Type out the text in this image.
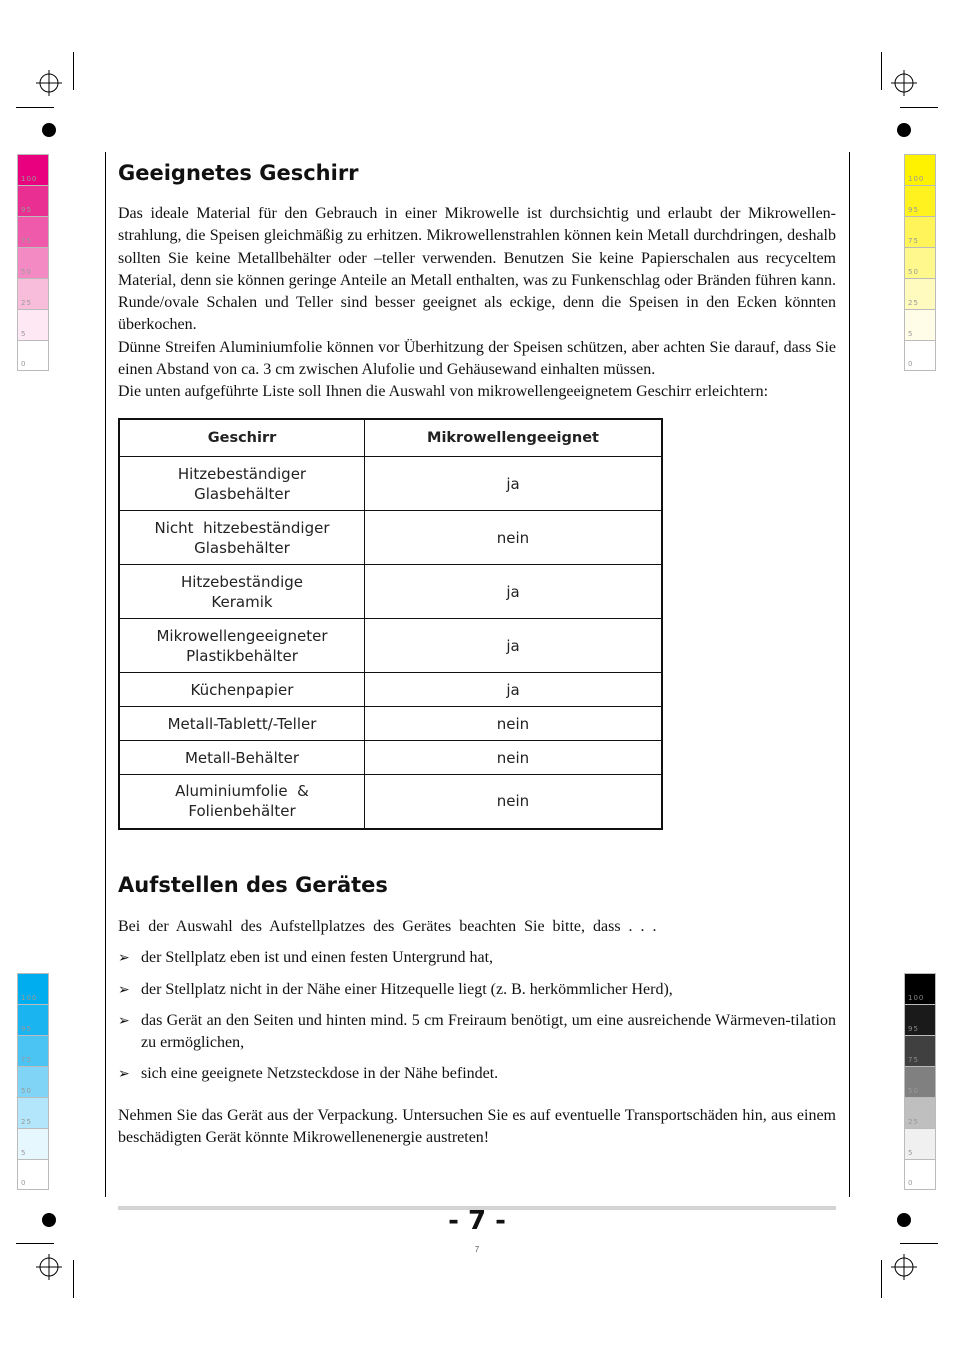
100
95
75
50
25
5
0
100
95
75
50
25
5
0
100
95
75
50
25
5
0
100
95
75
50
25
5
0
Geeignetes Geschirr

Das ideale Material für den Gebrauch in einer Mikrowelle ist durchsichtig und erlaubt der Mikrowellen-strahlung, die Speisen gleichmäßig zu erhitzen. Mikrowellenstrahlen können kein Metall durchdringen, deshalb sollten Sie keine Metallbehälter oder –teller verwenden. Benutzen Sie keine Papierschalen aus recyceltem Material, denn sie können geringe Anteile an Metall enthalten, was zu Funkenschlag oder Bränden führen kann. Runde/ovale Schalen und Teller sind besser geeignet als eckige, denn die Speisen in den Ecken könnten überkochen.

Dünne Streifen Aluminiumfolie können vor Überhitzung der Speisen schützen, aber achten Sie darauf, dass Sie einen Abstand von ca. 3 cm zwischen Alufolie und Gehäusewand einhalten müssen.

Die unten aufgeführte Liste soll Ihnen die Auswahl von mikrowellengeeignetem Geschirr erleichtern:

Geschirr	Mikrowellengeeignet
Hitzebeständiger
Glasbehälter	ja
Nicht  hitzebeständiger
Glasbehälter	nein
Hitzebeständige
Keramik	ja
Mikrowellengeeigneter
Plastikbehälter	ja
Küchenpapier	ja
Metall-Tablett/-Teller	nein
Metall-Behälter	nein
Aluminiumfolie  &
Folienbehälter	nein
Aufstellen des Gerätes

Bei  der  Auswahl  des  Aufstellplatzes  des  Gerätes  beachten  Sie  bitte,  dass  .  .  .

➢ der Stellplatz eben ist und einen festen Untergrund hat,
➢ der Stellplatz nicht in der Nähe einer Hitzequelle liegt (z. B. herkömmlicher Herd),
➢ das Gerät an den Seiten und hinten mind. 5 cm Freiraum benötigt, um eine ausreichende Wärmeven-tilation zu ermöglichen,
➢ sich eine geeignete Netzsteckdose in der Nähe befindet.

Nehmen Sie das Gerät aus der Verpackung. Untersuchen Sie es auf eventuelle Transportschäden hin, aus einem beschädigten Gerät könnte Mikrowellenenergie austreten!

- 7 -
7
